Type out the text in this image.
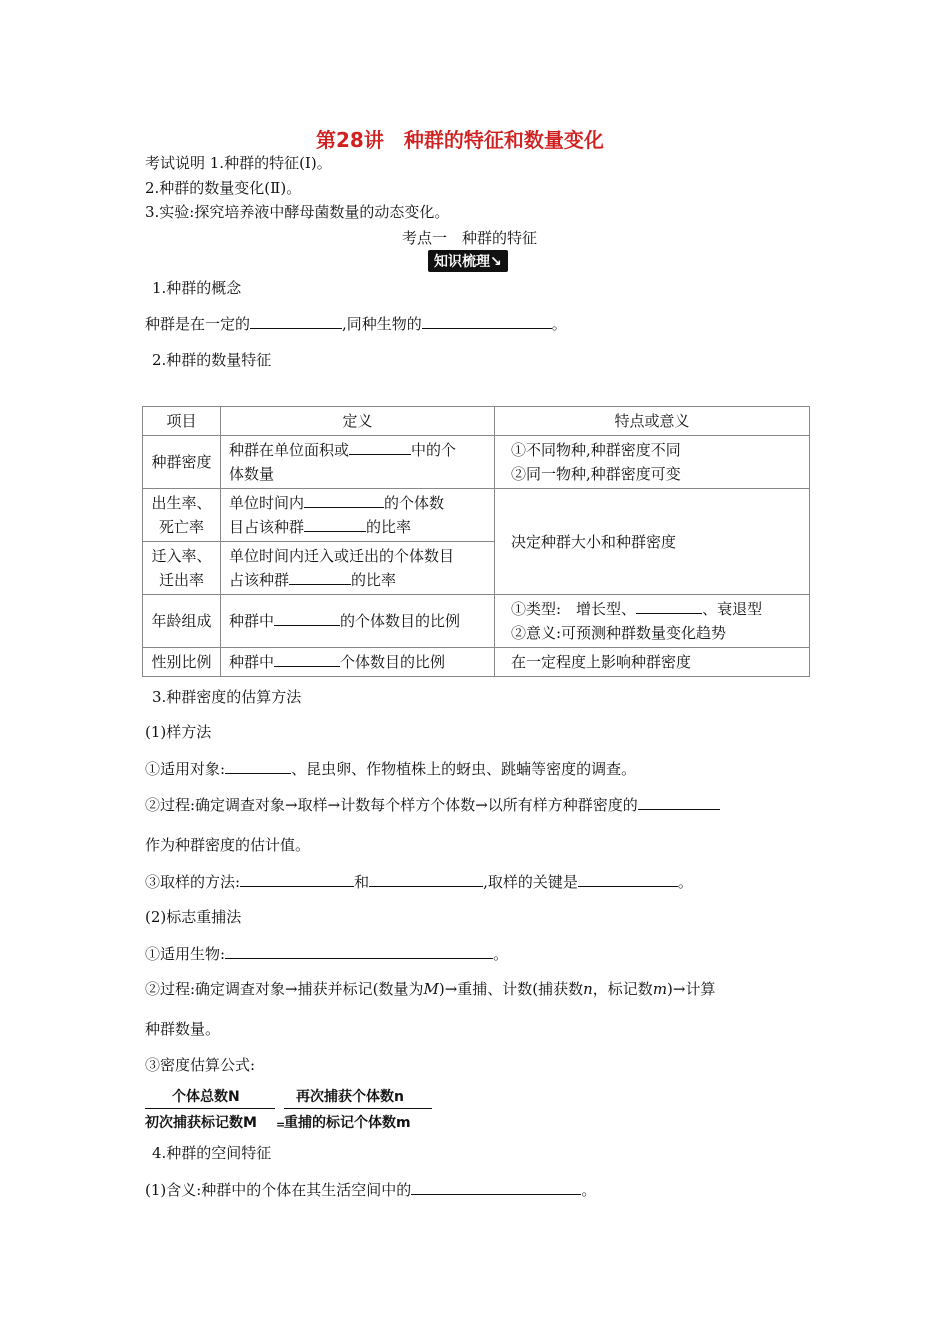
第28讲　种群的特征和数量变化
考试说明 1.种群的特征(Ⅰ)。
2.种群的数量变化(Ⅱ)。
3.实验:探究培养液中酵母菌数量的动态变化。
考点一　种群的特征
知识梳理↘
1.种群的概念
种群是在一定的	,同种生物的	。
2.种群的数量特征
项目	定义	特点或意义
种群密度	种群在单位面积或 中的个
体数量	①不同物种,种群密度不同
②同一物种,种群密度可变
出生率、
死亡率	单位时间内 的个体数
目占该种群 的比率	决定种群大小和种群密度
迁入率、
迁出率	单位时间内迁入或迁出的个体数目
占该种群 的比率	
年龄组成	种群中 的个体数目的比例	①类型:　增长型、 、衰退型
②意义:可预测种群数量变化趋势
性别比例	种群中 个体数目的比例	在一定程度上影响种群密度
3.种群密度的估算方法
(1)样方法
①适用对象:	、昆虫卵、作物植株上的蚜虫、跳蝻等密度的调查。
②过程:确定调查对象→取样→计数每个样方个体数→以所有样方种群密度的
作为种群密度的估计值。
③取样的方法:	和	,取样的关键是	。
(2)标志重捕法
①适用生物:	。
②过程:确定调查对象→捕获并标记(数量为M)→重捕、计数(捕获数n，标记数m)→计算
种群数量。
③密度估算公式:
个体总数N
初次捕获标记数M =
再次捕获个体数n
重捕的标记个体数m
4.种群的空间特征
(1)含义:种群中的个体在其生活空间中的	。
